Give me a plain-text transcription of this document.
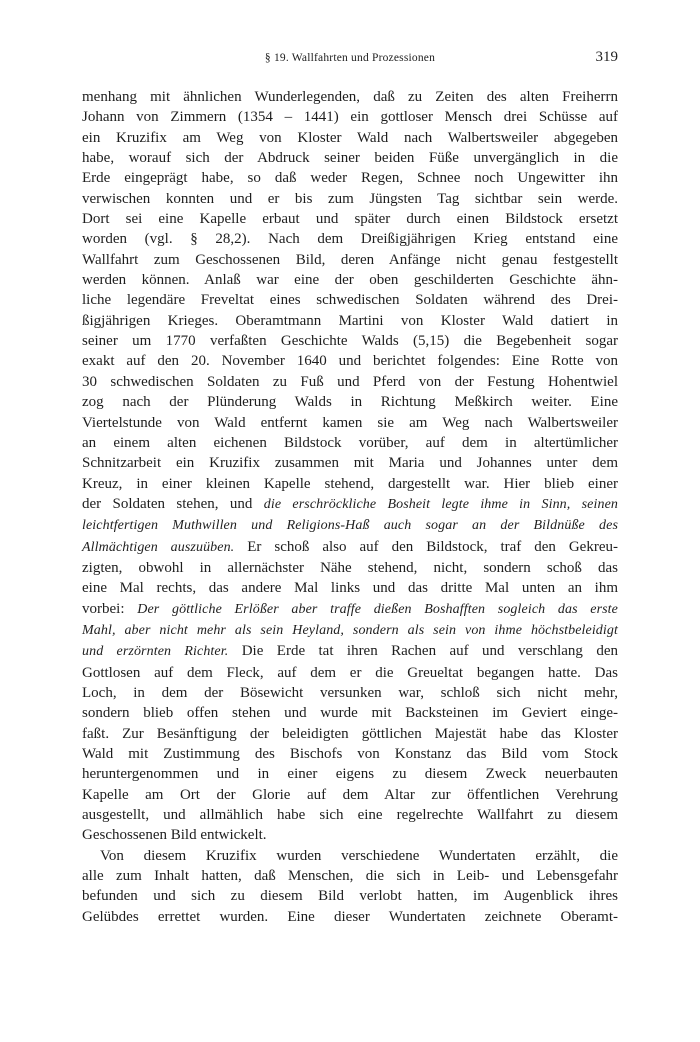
§ 19. Wallfahrten und Prozessionen	319
menhang mit ähnlichen Wunderlegenden, daß zu Zeiten des alten Freiherrn
Johann von Zimmern (1354 – 1441) ein gottloser Mensch drei Schüsse auf
ein Kruzifix am Weg von Kloster Wald nach Walbertsweiler abgegeben
habe, worauf sich der Abdruck seiner beiden Füße unvergänglich in die
Erde eingeprägt habe, so daß weder Regen, Schnee noch Ungewitter ihn
verwischen konnten und er bis zum Jüngsten Tag sichtbar sein werde.
Dort sei eine Kapelle erbaut und später durch einen Bildstock ersetzt
worden (vgl. § 28,2). Nach dem Dreißigjährigen Krieg entstand eine
Wallfahrt zum Geschossenen Bild, deren Anfänge nicht genau festgestellt
werden können. Anlaß war eine der oben geschilderten Geschichte ähn-
liche legendäre Freveltat eines schwedischen Soldaten während des Drei-
ßigjährigen Krieges. Oberamtmann Martini von Kloster Wald datiert in
seiner um 1770 verfaßten Geschichte Walds (5,15) die Begebenheit sogar
exakt auf den 20. November 1640 und berichtet folgendes: Eine Rotte von
30 schwedischen Soldaten zu Fuß und Pferd von der Festung Hohentwiel
zog nach der Plünderung Walds in Richtung Meßkirch weiter. Eine
Viertelstunde von Wald entfernt kamen sie am Weg nach Walbertsweiler
an einem alten eichenen Bildstock vorüber, auf dem in altertümlicher
Schnitzarbeit ein Kruzifix zusammen mit Maria und Johannes unter dem
Kreuz, in einer kleinen Kapelle stehend, dargestellt war. Hier blieb einer
der Soldaten stehen, und die erschröckliche Bosheit legte ihme in Sinn, seinen
leichtfertigen Muthwillen und Religions-Haß auch sogar an der Bildnüße des
Allmächtigen auszuüben. Er schoß also auf den Bildstock, traf den Gekreu-
zigten, obwohl in allernächster Nähe stehend, nicht, sondern schoß das
eine Mal rechts, das andere Mal links und das dritte Mal unten an ihm
vorbei: Der göttliche Erlößer aber traffe dießen Boshafften sogleich das erste
Mahl, aber nicht mehr als sein Heyland, sondern als sein von ihme höchstbeleidigt
und erzörnten Richter. Die Erde tat ihren Rachen auf und verschlang den
Gottlosen auf dem Fleck, auf dem er die Greueltat begangen hatte. Das
Loch, in dem der Bösewicht versunken war, schloß sich nicht mehr,
sondern blieb offen stehen und wurde mit Backsteinen im Geviert einge-
faßt. Zur Besänftigung der beleidigten göttlichen Majestät habe das Kloster
Wald mit Zustimmung des Bischofs von Konstanz das Bild vom Stock
heruntergenommen und in einer eigens zu diesem Zweck neuerbauten
Kapelle am Ort der Glorie auf dem Altar zur öffentlichen Verehrung
ausgestellt, und allmählich habe sich eine regelrechte Wallfahrt zu diesem
Geschossenen Bild entwickelt.
Von diesem Kruzifix wurden verschiedene Wundertaten erzählt, die
alle zum Inhalt hatten, daß Menschen, die sich in Leib- und Lebensgefahr
befunden und sich zu diesem Bild verlobt hatten, im Augenblick ihres
Gelübdes errettet wurden. Eine dieser Wundertaten zeichnete Oberamt-
